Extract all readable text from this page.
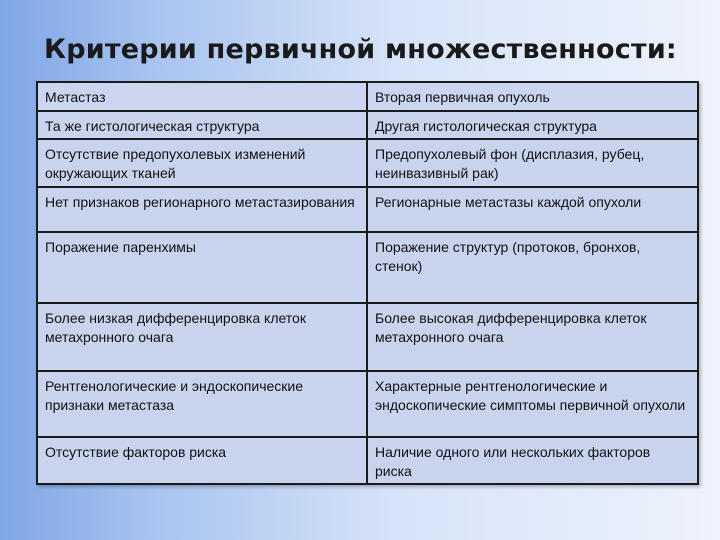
Критерии первичной множественности:
Метастаз	Вторая первичная опухоль
Та же гистологическая структура	Другая гистологическая структура
Отсутствие предопухолевых изменений окружающих тканей	Предопухолевый фон (дисплазия, рубец, неинвазивный рак)
Нет признаков регионарного метастазирования	Регионарные метастазы каждой опухоли
Поражение паренхимы	Поражение структур (протоков, бронхов, стенок)
Более низкая дифференцировка клеток метахронного очага	Более высокая дифференцировка клеток метахронного очага
Рентгенологические и эндоскопические признаки метастаза	Характерные рентгенологические и эндоскопические симптомы первичной опухоли
Отсутствие факторов риска	Наличие одного или нескольких факторов риска
